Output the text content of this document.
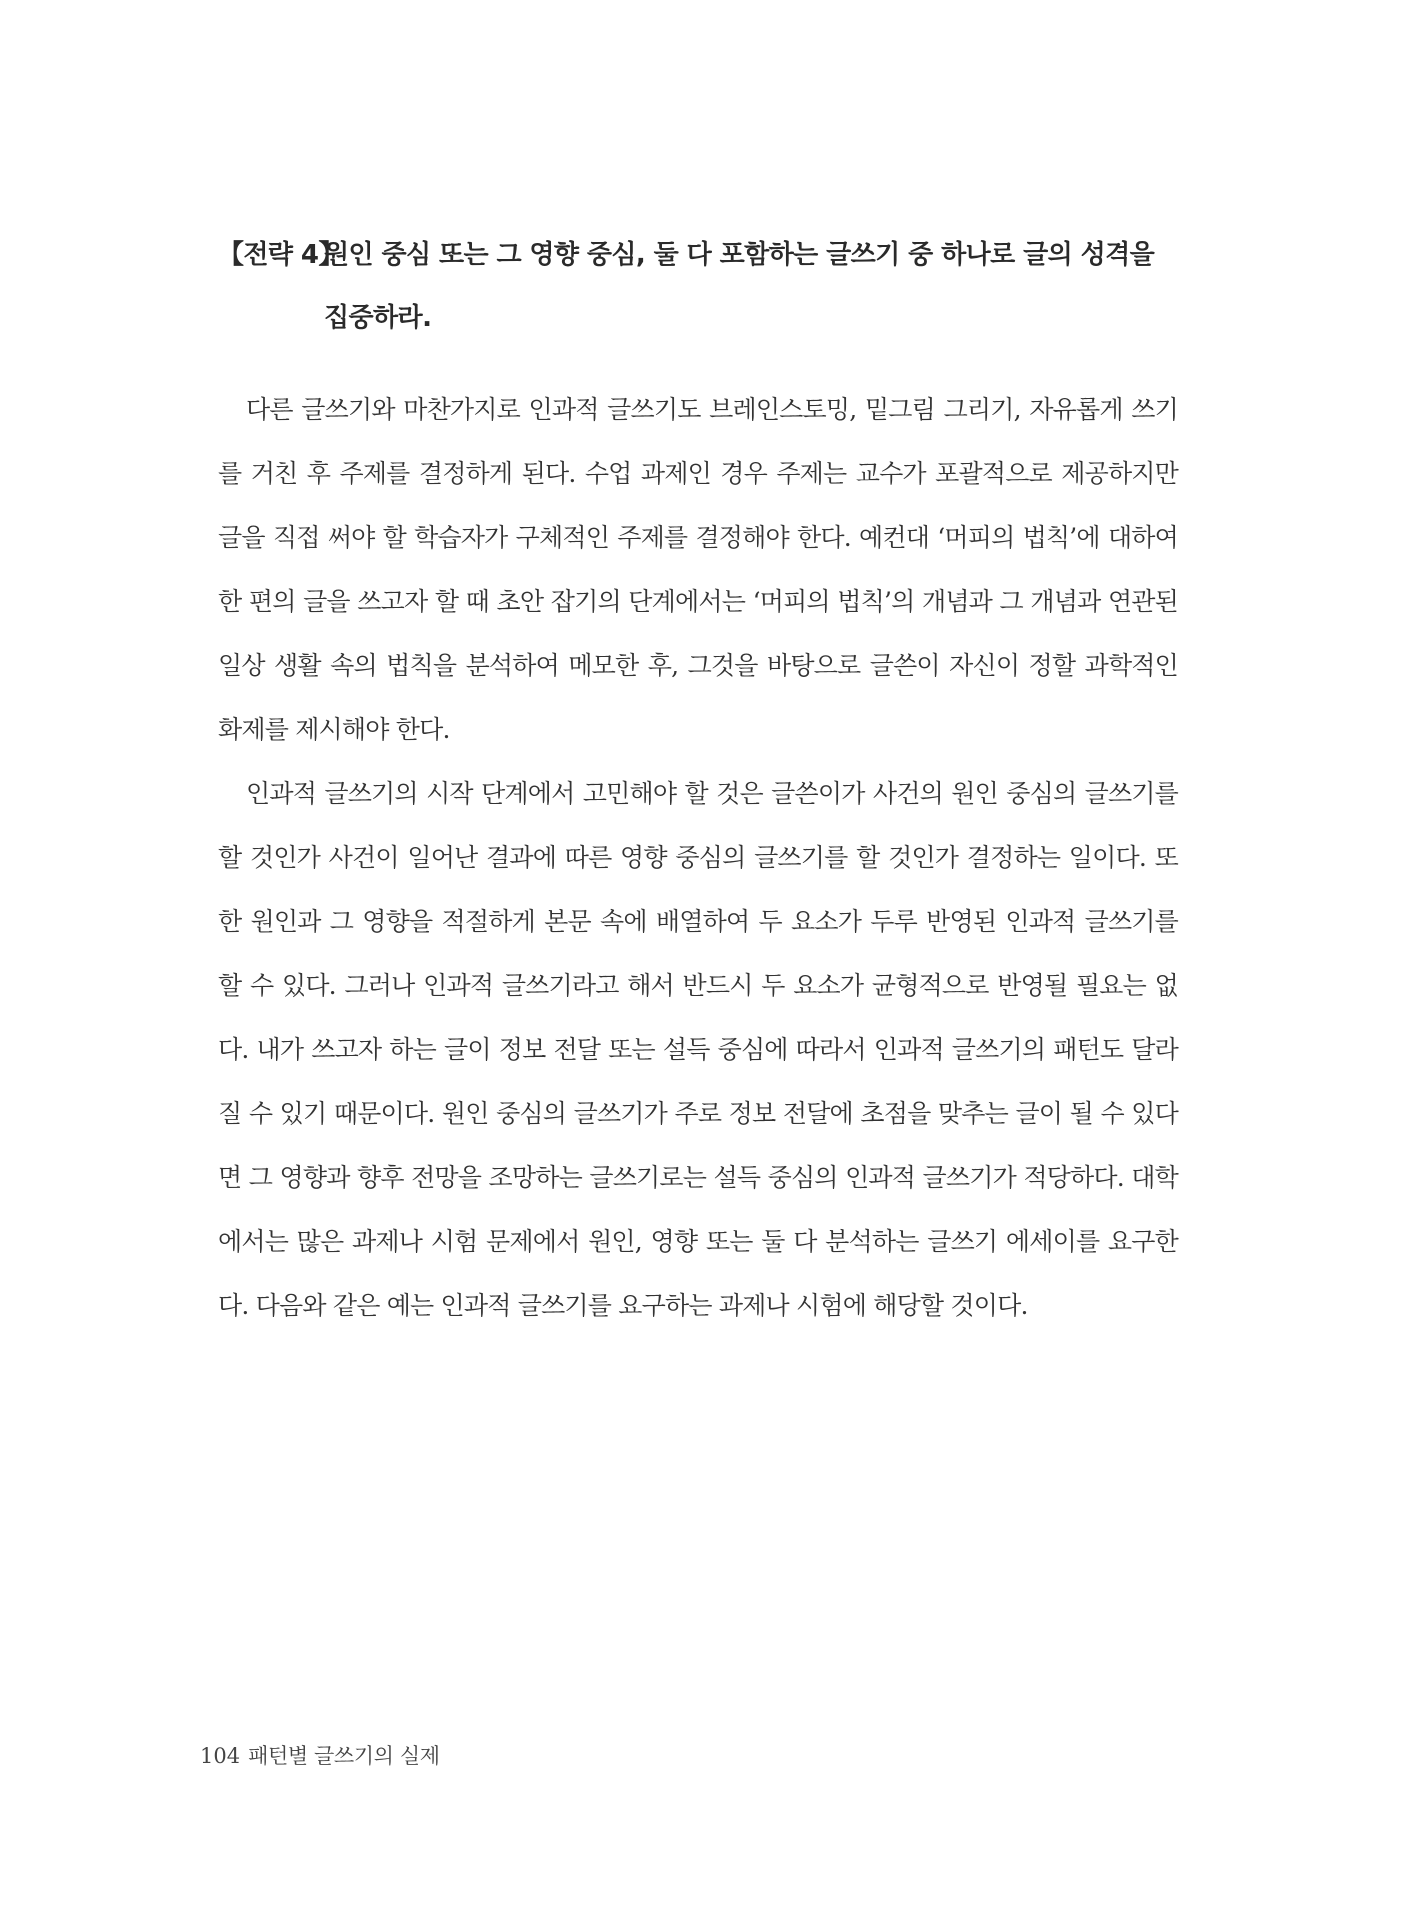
【전략 4】원인 중심 또는 그 영향 중심, 둘 다 포함하는 글쓰기 중 하나로 글의 성격을 집중하라.

다른 글쓰기와 마찬가지로 인과적 글쓰기도 브레인스토밍, 밑그림 그리기, 자유롭게 쓰기를 거친 후 주제를 결정하게 된다. 수업 과제인 경우 주제는 교수가 포괄적으로 제공하지만 글을 직접 써야 할 학습자가 구체적인 주제를 결정해야 한다. 예컨대 ‘머피의 법칙’에 대하여 한 편의 글을 쓰고자 할 때 초안 잡기의 단계에서는 ‘머피의 법칙’의 개념과 그 개념과 연관된 일상 생활 속의 법칙을 분석하여 메모한 후, 그것을 바탕으로 글쓴이 자신이 정할 과학적인 화제를 제시해야 한다.

인과적 글쓰기의 시작 단계에서 고민해야 할 것은 글쓴이가 사건의 원인 중심의 글쓰기를 할 것인가 사건이 일어난 결과에 따른 영향 중심의 글쓰기를 할 것인가 결정하는 일이다. 또한 원인과 그 영향을 적절하게 본문 속에 배열하여 두 요소가 두루 반영된 인과적 글쓰기를 할 수 있다. 그러나 인과적 글쓰기라고 해서 반드시 두 요소가 균형적으로 반영될 필요는 없다. 내가 쓰고자 하는 글이 정보 전달 또는 설득 중심에 따라서 인과적 글쓰기의 패턴도 달라질 수 있기 때문이다. 원인 중심의 글쓰기가 주로 정보 전달에 초점을 맞추는 글이 될 수 있다면 그 영향과 향후 전망을 조망하는 글쓰기로는 설득 중심의 인과적 글쓰기가 적당하다. 대학에서는 많은 과제나 시험 문제에서 원인, 영향 또는 둘 다 분석하는 글쓰기 에세이를 요구한다. 다음와 같은 예는 인과적 글쓰기를 요구하는 과제나 시험에 해당할 것이다.

104 패턴별 글쓰기의 실제
